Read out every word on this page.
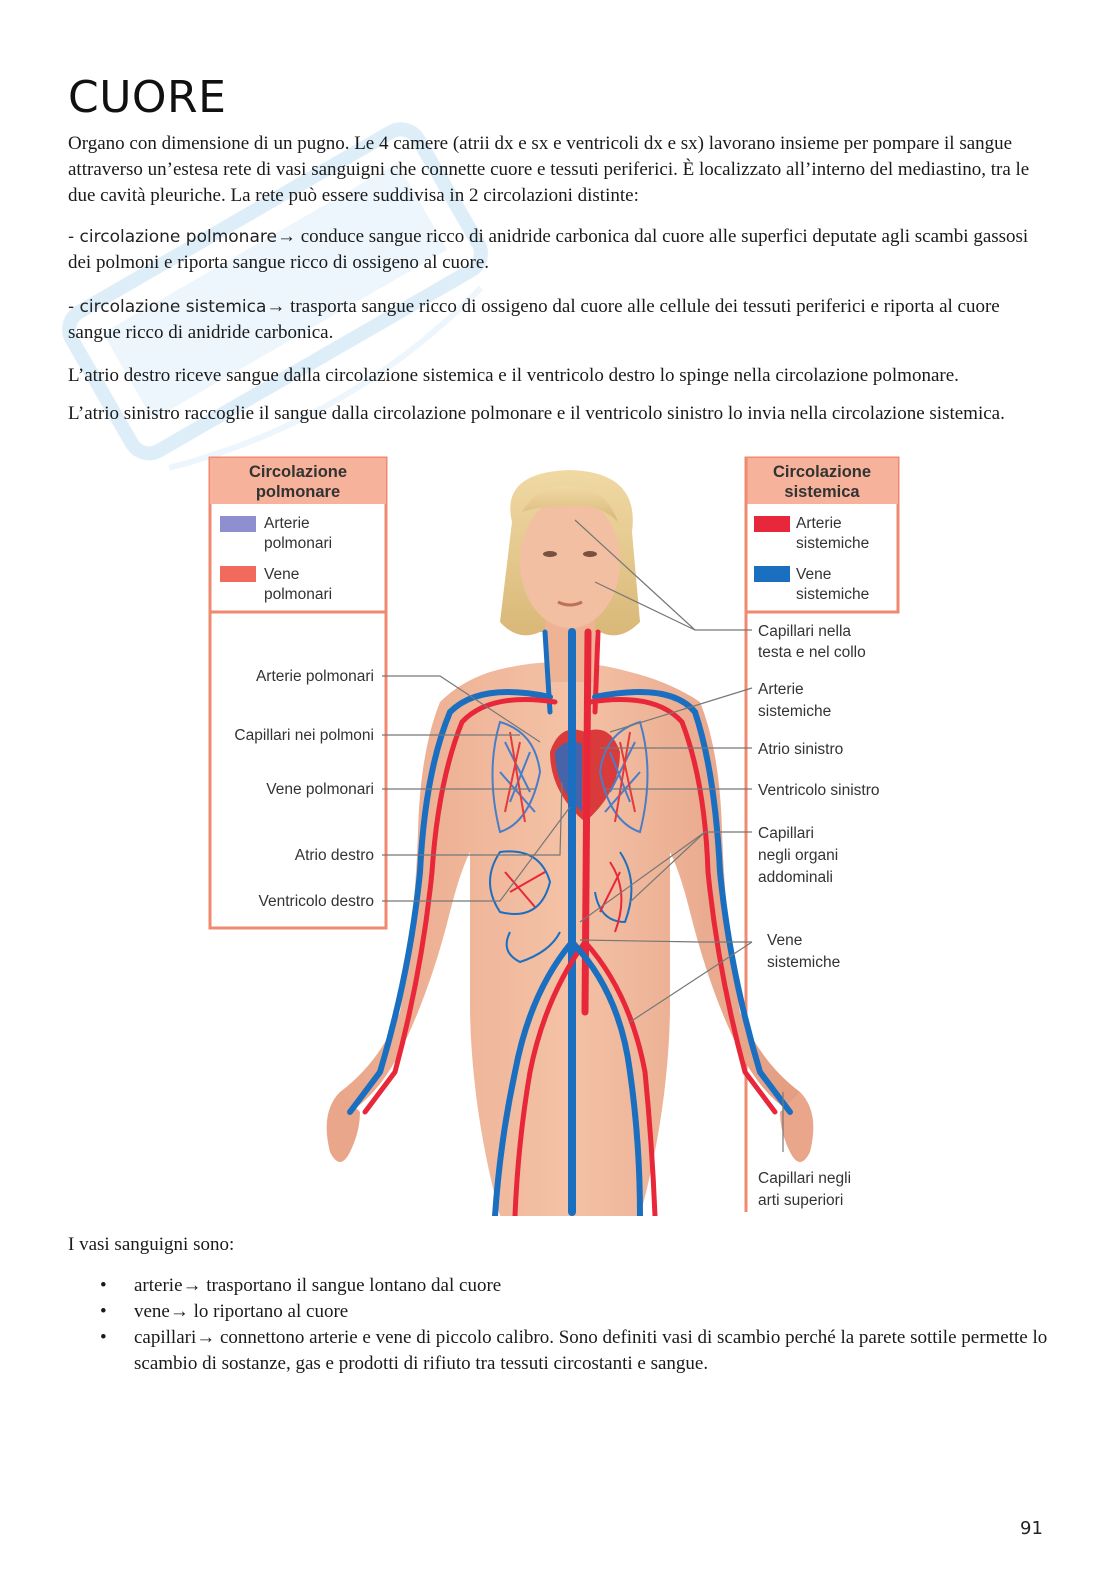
CUORE

Organo con dimensione di un pugno. Le 4 camere (atrii dx e sx e ventricoli dx e sx) lavorano insieme per pompare il sangue attraverso un’estesa rete di vasi sanguigni che connette cuore e tessuti periferici. È localizzato all’interno del mediastino, tra le due cavità pleuriche. La rete può essere suddivisa in 2 circolazioni distinte:

- circolazione polmonare→ conduce sangue ricco di anidride carbonica dal cuore alle superfici deputate agli scambi gassosi dei polmoni e riporta sangue ricco di ossigeno al cuore.

- circolazione sistemica→ trasporta sangue ricco di ossigeno dal cuore alle cellule dei tessuti periferici e riporta al cuore sangue ricco di anidride carbonica.

L’atrio destro riceve sangue dalla circolazione sistemica e il ventricolo destro lo spinge nella circolazione polmonare.

L’atrio sinistro raccoglie il sangue dalla circolazione polmonare e il ventricolo sinistro lo invia nella circolazione sistemica.

Circolazione
polmonare
Arterie
polmonari
Vene
polmonari
Circolazione
sistemica
Arterie
sistemiche
Vene
sistemiche
Arterie polmonari
Capillari nei polmoni
Vene polmonari
Atrio destro
Ventricolo destro
Capillari nella
testa e nel collo
Arterie
sistemiche
Atrio sinistro
Ventricolo sinistro
Capillari
negli organi
addominali
Vene
sistemiche
Capillari negli
arti superiori

I vasi sanguigni sono:

• arterie→ trasportano il sangue lontano dal cuore
• vene→ lo riportano al cuore
• capillari→ connettono arterie e vene di piccolo calibro. Sono definiti vasi di scambio perché la parete sottile permette lo scambio di sostanze, gas e prodotti di rifiuto tra tessuti circostanti e sangue.
91
